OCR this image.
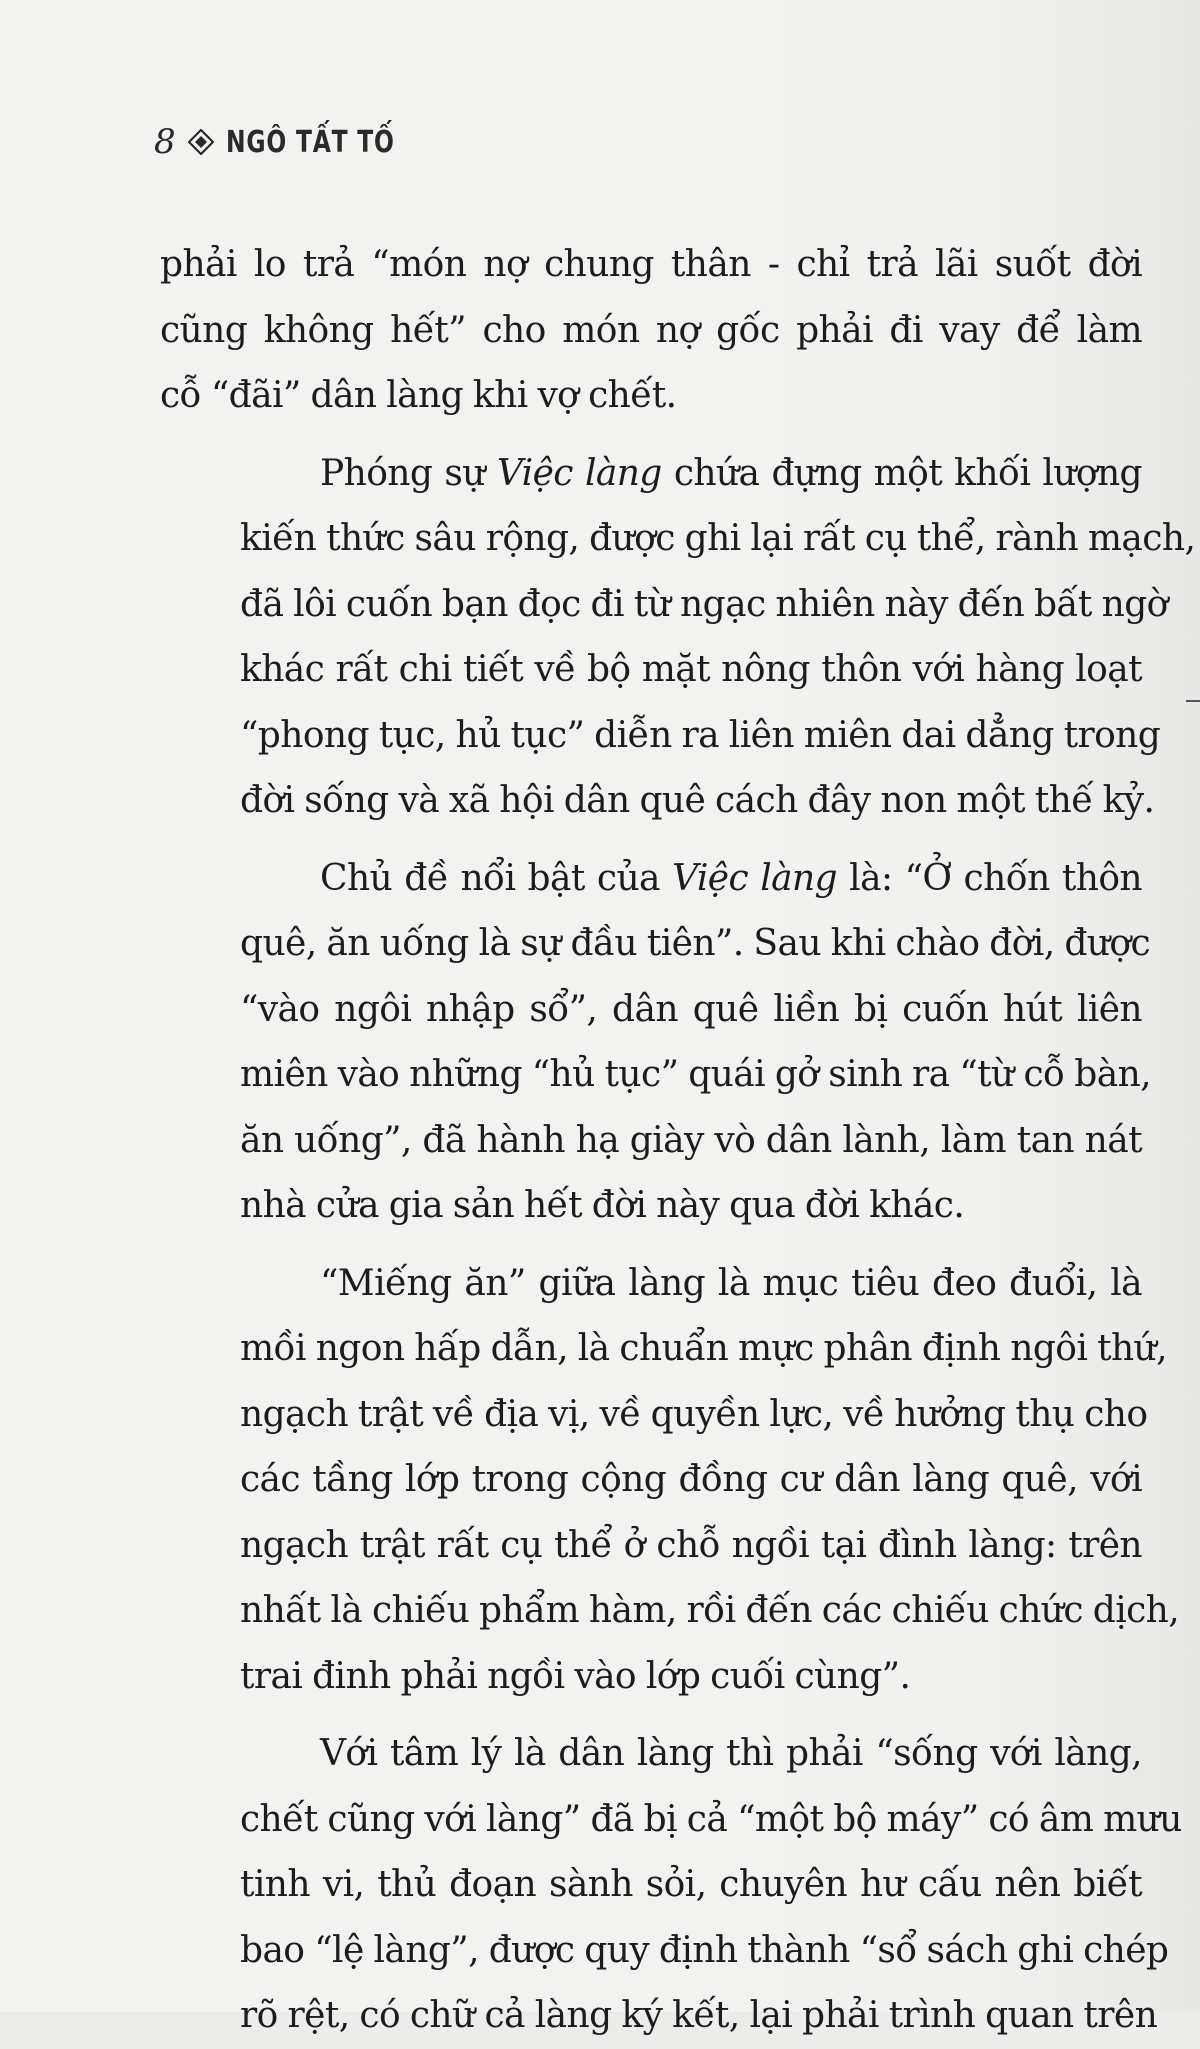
8 NGÔ TẤT TỐ

phải lo trả “món nợ chung thân - chỉ trả lãi suốt đời
cũng không hết” cho món nợ gốc phải đi vay để làm
cỗ “đãi” dân làng khi vợ chết.

Phóng sự Việc làng chứa đựng một khối lượng
kiến thức sâu rộng, được ghi lại rất cụ thể, rành mạch,
đã lôi cuốn bạn đọc đi từ ngạc nhiên này đến bất ngờ
khác rất chi tiết về bộ mặt nông thôn với hàng loạt
“phong tục, hủ tục” diễn ra liên miên dai dẳng trong
đời sống và xã hội dân quê cách đây non một thế kỷ.

Chủ đề nổi bật của Việc làng là: “Ở chốn thôn
quê, ăn uống là sự đầu tiên”. Sau khi chào đời, được
“vào ngôi nhập sổ”, dân quê liền bị cuốn hút liên
miên vào những “hủ tục” quái gở sinh ra “từ cỗ bàn,
ăn uống”, đã hành hạ giày vò dân lành, làm tan nát
nhà cửa gia sản hết đời này qua đời khác.

“Miếng ăn” giữa làng là mục tiêu đeo đuổi, là
mồi ngon hấp dẫn, là chuẩn mực phân định ngôi thứ,
ngạch trật về địa vị, về quyền lực, về hưởng thụ cho
các tầng lớp trong cộng đồng cư dân làng quê, với
ngạch trật rất cụ thể ở chỗ ngồi tại đình làng: trên
nhất là chiếu phẩm hàm, rồi đến các chiếu chức dịch,
trai đinh phải ngồi vào lớp cuối cùng”.

Với tâm lý là dân làng thì phải “sống với làng,
chết cũng với làng” đã bị cả “một bộ máy” có âm mưu
tinh vi, thủ đoạn sành sỏi, chuyên hư cấu nên biết
bao “lệ làng”, được quy định thành “sổ sách ghi chép
rõ rệt, có chữ cả làng ký kết, lại phải trình quan trên
